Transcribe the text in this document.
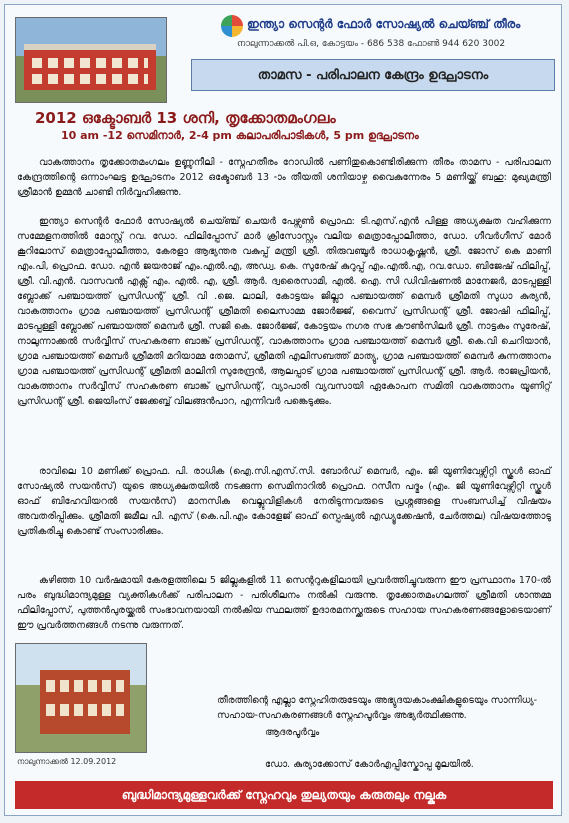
ഇന്ത്യാ സെന്റർ ഫോർ സോഷ്യൽ ചെയ്ഞ്ച് തീരം
നാലുന്നാക്കൽ പി.ഒ, കോട്ടയം - 686 538 ഫോൺ 944 620 3002
താമസ - പരിപാലന കേന്ദ്രം ഉദ്ഘാടനം
2012 ഒക്ടോബർ 13 ശനി, തൃക്കോതമംഗലം
10 am -12 സെമിനാർ, 2-4 pm കലാപരിപാടികൾ, 5 pm ഉദ്ഘാടനം
വാകത്താനം തൃക്കോതമംഗലം ഉണ്ണുനീലി - സ്നേഹതീരം റോഡിൽ പണിതുകൊണ്ടിരിക്കുന്ന തീരം താമസ - പരിപാലന കേന്ദ്രത്തിന്റെ ഒന്നാംഘട്ട ഉദ്ഘാടനം 2012 ഒക്ടോബർ 13 -ാം തീയതി ശനിയാഴ്ച വൈകുന്നേരം 5 മണിയ്ക്ക് ബഹു: മുഖ്യമന്ത്രി ശ്രീമാൻ ഉമ്മൻ ചാണ്ടി നിർവ്വഹിക്കുന്നു.
ഇന്ത്യാ സെന്റർ ഫോർ സോഷ്യൽ ചെയ്ഞ്ച് ചെയർ പേഴ്സൺ പ്രൊഫ: ടി.എസ്.എൻ പിള്ള അധ്യക്ഷത വഹിക്കുന്ന സമ്മേളനത്തിൽ മോസ്റ്റ് റവ. ഡോ. ഫിലിപ്പോസ് മാർ ക്രിസോസ്റ്റം വലിയ മെത്രാപ്പോലീത്താ, ഡോ. ഗീവർഗീസ് മോർ കൂറിലോസ് മെത്രാപ്പോലീത്താ, കേരളാ ആഭ്യന്തര വകുപ്പ് മന്ത്രി ശ്രീ. തിരുവഞ്ചൂർ രാധാകൃഷ്ണൻ, ശ്രീ. ജോസ് കെ മാണി എം.പി, പ്രൊഫ. ഡോ. എൻ ജയരാജ് എം.എൽ.എ, അഡ്വ. കെ. സുരേഷ് കുറുപ്പ് എം.എൽ.എ, റവ.ഡോ. ബിജേഷ് ഫിലിപ്പ്, ശ്രീ. വി.എൻ. വാസവൻ എക്സ് എം. എൽ. എ, ശ്രീ. ആർ. ദ്വരൈസാമി, എൽ. ഐ. സി ഡിവിഷണൽ മാനേജർ, മാടപ്പള്ളി ബ്ലോക്ക് പഞ്ചായത്ത് പ്രസിഡന്റ് ശ്രീ. വി .ജെ. ലാലി, കോട്ടയം ജില്ലാ പഞ്ചായത്ത് മെമ്പർ ശ്രീമതി സുധാ കുര്യൻ, വാകത്താനം ഗ്രാമ പഞ്ചായത്ത് പ്രസിഡന്റ് ശ്രീമതി ലൈസാമ്മ ജോർജ്ജ്, വൈസ് പ്രസിഡന്റ് ശ്രീ. ജോഷി ഫിലിപ്പ്, മാടപ്പള്ളി ബ്ലോക്ക് പഞ്ചായത്ത് മെമ്പർ ശ്രീ. സജി കെ. ജോർജ്ജ്, കോട്ടയം നഗര സഭ കൗൺസിലർ ശ്രീ. നാട്ടകം സുരേഷ്, നാലുന്നാക്കൽ സർവ്വീസ് സഹകരണ ബാങ്ക് പ്രസിഡന്റ്, വാകത്താനം ഗ്രാമ പഞ്ചായത്ത് മെമ്പർ ശ്രീ. കെ.വി ചെറിയാൻ, ഗ്രാമ പഞ്ചായത്ത് മെമ്പർ ശ്രീമതി മറിയാമ്മ തോമസ്, ശ്രീമതി എലിസബത്ത് മാത്യു, ഗ്രാമ പഞ്ചായത്ത് മെമ്പർ കുന്നത്താനം ഗ്രാമ പഞ്ചായത്ത് പ്രസിഡന്റ് ശ്രീമതി മാലിനി സുരേന്ദ്രൻ, ആലപ്പാട് ഗ്രാമ പഞ്ചായത്ത് പ്രസിഡന്റ് ശ്രീ. ആർ. രാജപ്രിയൻ, വാകത്താനം സർവ്വീസ് സഹകരണ ബാങ്ക് പ്രസിഡന്റ്, വ്യാപാരി വ്യവസായി ഏകോപന സമിതി വാകത്താനം യൂണിറ്റ് പ്രസിഡന്റ് ശ്രീ. ജെയിംസ് ജേക്കബ്ബ് വിലങ്ങൻപാറ, എന്നിവർ പങ്കെടുക്കും.
രാവിലെ 10 മണിക്ക് പ്രൊഫ. പി. രാധിക (ഐ.സി.എസ്.സി. ബോർഡ് മെമ്പർ, എം. ജി യൂണിവേഴ്സിറ്റി സ്കൂൾ ഓഫ് സോഷ്യൽ സയൻസ്) യുടെ അധ്യക്ഷതയിൽ നടക്കുന്ന സെമിനാറിൽ പ്രൊഫ. റസീന പദ്മം (എം. ജി യൂണിവേഴ്സിറ്റി സ്കൂൾ ഓഫ് ബിഹേവിയറൽ സയൻസ്) മാനസിക വെല്ലുവിളികൾ നേരിടുന്നവരുടെ പ്രശ്നങ്ങളെ സംബന്ധിച്ച് വിഷയം അവതരിപ്പിക്കും. ശ്രീമതി ജമീല പി. എസ് (കെ.പി.എം കോളേജ് ഓഫ് സ്പെഷ്യൽ എഡ്യൂക്കേഷൻ, ചേർത്തല) വിഷയത്തോടു പ്രതികരിച്ചു കൊണ്ട് സംസാരിക്കും.
കഴിഞ്ഞ 10 വർഷമായി കേരളത്തിലെ 5 ജില്ലകളിൽ 11 സെന്ററുകളിലായി പ്രവർത്തിച്ചുവരുന്ന ഈ പ്രസ്ഥാനം 170-ൽ പരം ബുദ്ധിമാന്ദ്യമുള്ള വ്യക്തികൾക്ക് പരിപാലന - പരിശീലനം നൽകി വരുന്നു. തൃക്കോതമംഗലത്ത് ശ്രീമതി ശാന്തമ്മ ഫിലിപ്പോസ്, പുത്തൻപുരയ്ക്കൽ സംഭാവനയായി നൽകിയ സ്ഥലത്ത് ഉദാരമനസ്ക്കരുടെ സഹായ സഹകരണങ്ങളോടെയാണ് ഈ പ്രവർത്തനങ്ങൾ നടന്നു വരുന്നത്.
നാലുന്നാക്കൽ 12.09.2012
തീരത്തിന്റെ എല്ലാ സ്നേഹിതരുടേയും അഭ്യുദയകാംക്ഷികളുടെയും സാന്നിധ്യ-സഹായ-സഹകരണങ്ങൾ സ്നേഹപൂർവ്വം അഭ്യർത്ഥിക്കുന്നു.
ആദരപൂർവ്വം
ഡോ. കുര്യാക്കോസ് കോർഎപ്പിസ്കോപ്പ മൂലയിൽ.
ബുദ്ധിമാന്ദ്യമുള്ളവർക്ക് സ്നേഹവും തുല്യതയും കരുതലും നല്കുക
